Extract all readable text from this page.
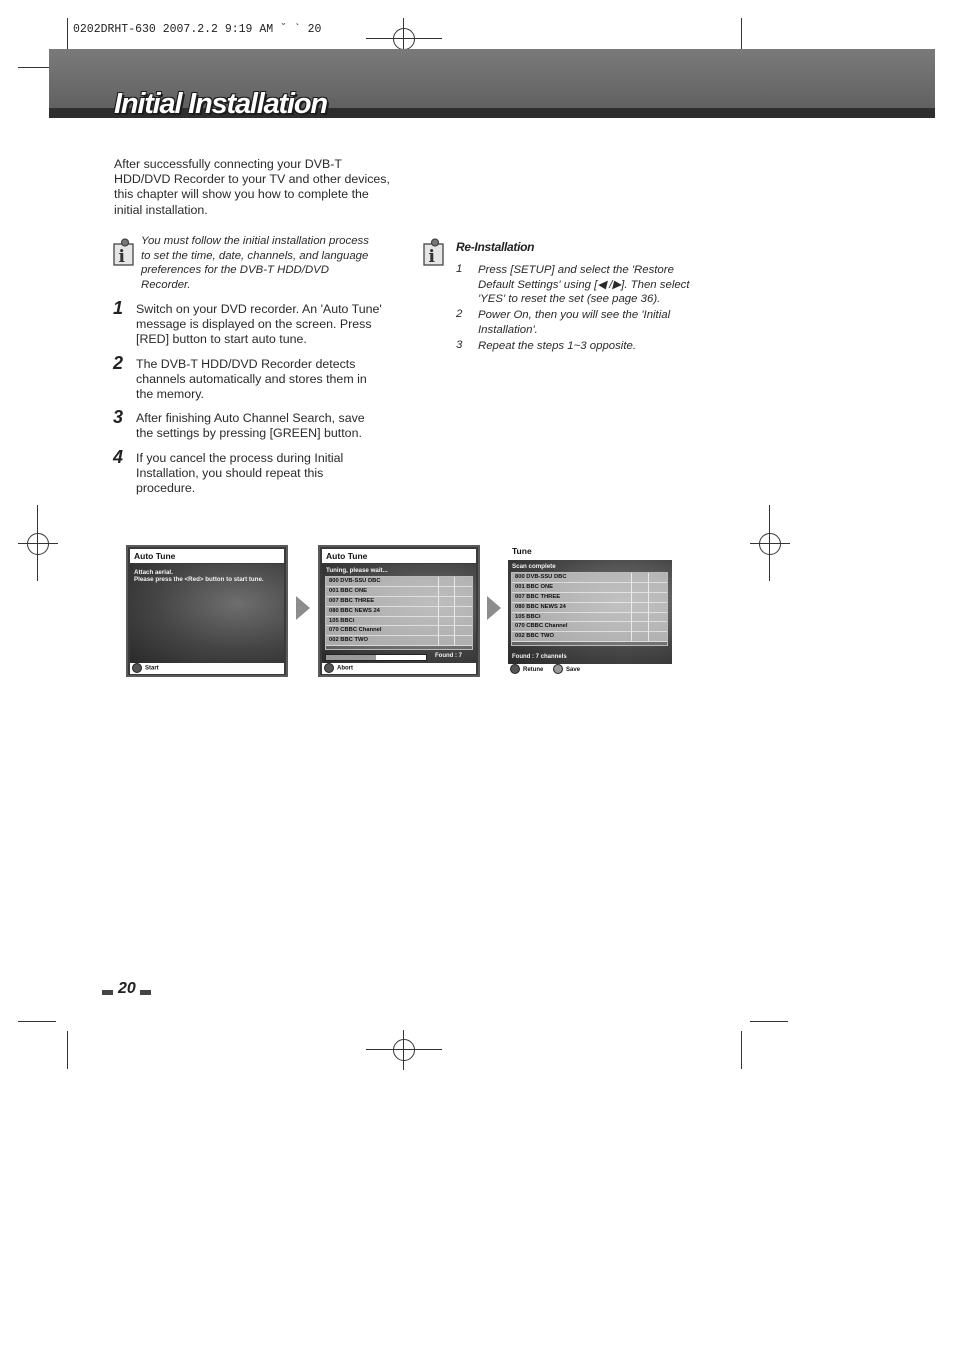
0202DRHT-630 2007.2.2 9:19 AM ˘ ` 20
Initial Installation
After successfully connecting your DVB-T HDD/DVD Recorder to your TV and other devices, this chapter will show you how to complete the initial installation.
i
You must follow the initial installation process to set the time, date, channels, and language preferences for the DVB-T HDD/DVD Recorder.
1 Switch on your DVD recorder. An 'Auto Tune' message is displayed on the screen. Press [RED] button to start auto tune.
2 The DVB-T HDD/DVD Recorder detects channels automatically and stores them in the memory.
3 After finishing Auto Channel Search, save the settings by pressing [GREEN] button.
4 If you cancel the process during Initial Installation, you should repeat this procedure.
i Re-Installation
1 Press [SETUP] and select the 'Restore Default Settings' using [◀ /▶]. Then select 'YES' to reset the set (see page 36).
2 Power On, then you will see the 'Initial Installation'.
3 Repeat the steps 1~3 opposite.
Auto Tune
Attach aerial.
Please press the <Red> button to start tune.
Start
Auto Tune
Tuning, please wait...
800 DVB-SSU DBC
001 BBC ONE
007 BBC THREE
080 BBC NEWS 24
105 BBCi
070 CBBC Channel
002 BBC TWO
Found : 7
Abort
Tune
Scan complete
800 DVB-SSU DBC
001 BBC ONE
007 BBC THREE
080 BBC NEWS 24
105 BBCi
070 CBBC Channel
002 BBC TWO
Found : 7 channels
Retune	Save
20
